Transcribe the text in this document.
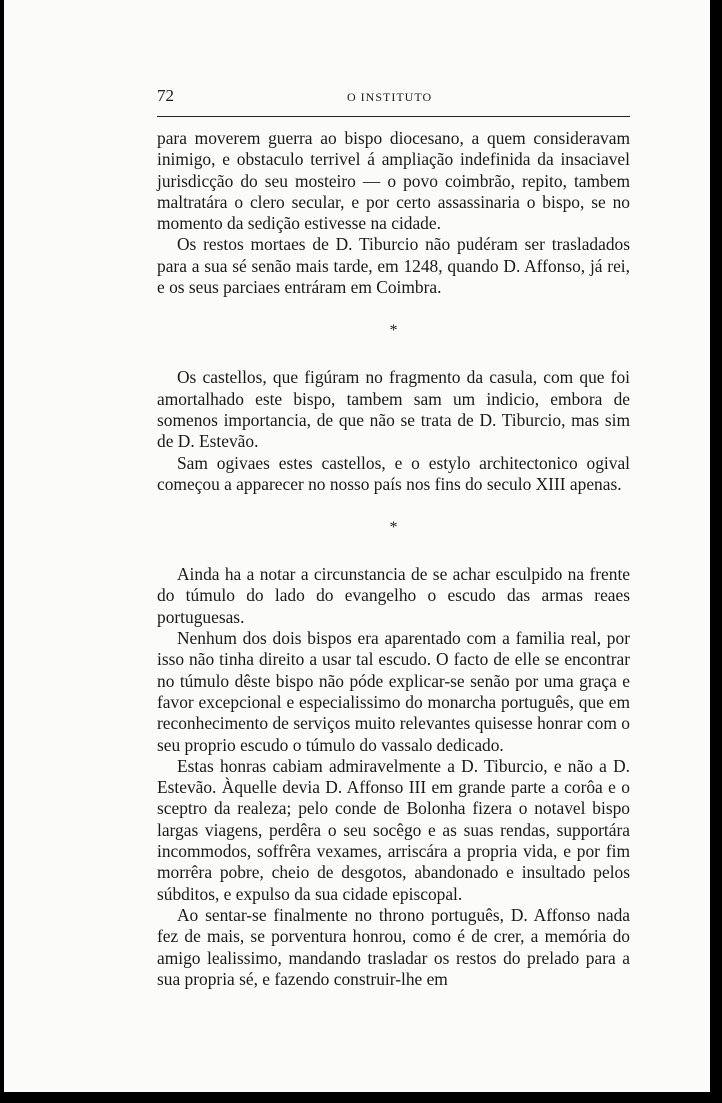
72	O INSTITUTO

para moverem guerra ao bispo diocesano, a quem consideravam inimigo, e obstaculo terrivel á ampliação indefinida da insaciavel jurisdicção do seu mosteiro — o povo coimbrão, repito, tambem maltratára o clero secular, e por certo assassinaria o bispo, se no momento da sedição estivesse na cidade.

Os restos mortaes de D. Tiburcio não pudéram ser trasladados para a sua sé senão mais tarde, em 1248, quando D. Affonso, já rei, e os seus parciaes entráram em Coimbra.

*

Os castellos, que figúram no fragmento da casula, com que foi amortalhado este bispo, tambem sam um indicio, embora de somenos importancia, de que não se trata de D. Tiburcio, mas sim de D. Estevão.

Sam ogivaes estes castellos, e o estylo architectonico ogival começou a apparecer no nosso país nos fins do seculo XIII apenas.

*

Ainda ha a notar a circunstancia de se achar esculpido na frente do túmulo do lado do evangelho o escudo das armas reaes portuguesas.

Nenhum dos dois bispos era aparentado com a familia real, por isso não tinha direito a usar tal escudo. O facto de elle se encontrar no túmulo dêste bispo não póde explicar-se senão por uma graça e favor excepcional e especialissimo do monarcha português, que em reconhecimento de serviços muito relevantes quisesse honrar com o seu proprio escudo o túmulo do vassalo dedicado.

Estas honras cabiam admiravelmente a D. Tiburcio, e não a D. Estevão. Àquelle devia D. Affonso III em grande parte a corôa e o sceptro da realeza; pelo conde de Bolonha fizera o notavel bispo largas viagens, perdêra o seu socêgo e as suas rendas, supportára incommodos, soffrêra vexames, arriscára a propria vida, e por fim morrêra pobre, cheio de desgotos, abandonado e insultado pelos súbditos, e expulso da sua cidade episcopal.

Ao sentar-se finalmente no throno português, D. Affonso nada fez de mais, se porventura honrou, como é de crer, a memória do amigo lealissimo, mandando trasladar os restos do prelado para a sua propria sé, e fazendo construir-lhe em
